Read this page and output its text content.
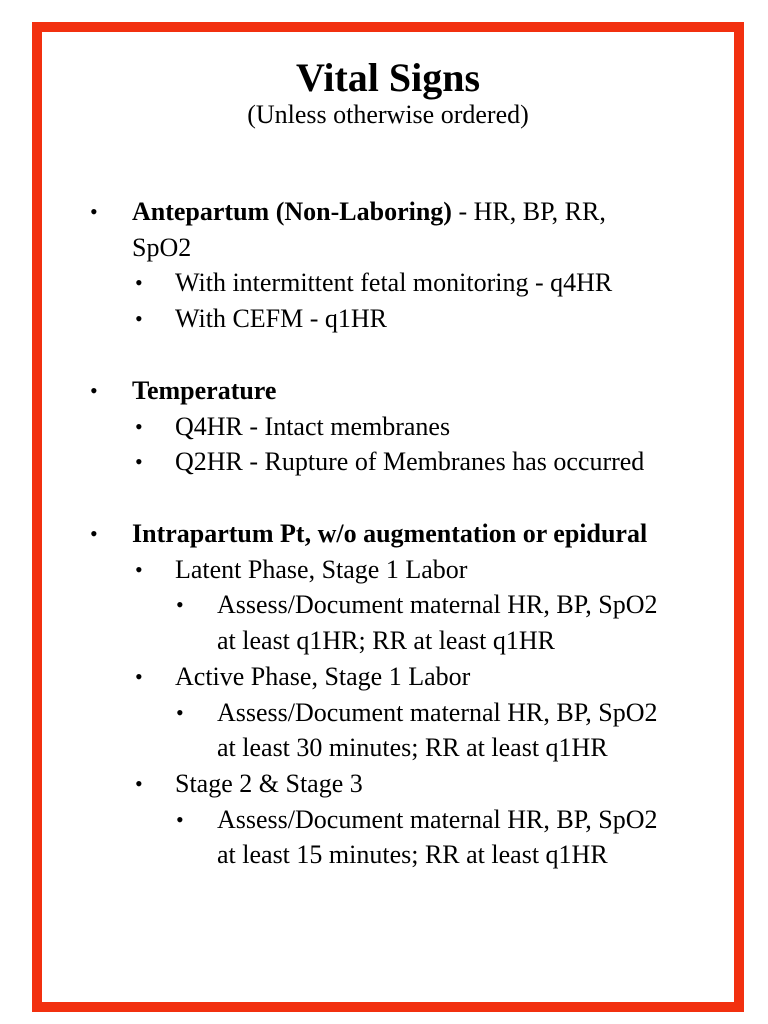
Vital Signs

(Unless otherwise ordered)

• Antepartum (Non-Laboring) - HR, BP, RR,
SpO2
• With intermittent fetal monitoring - q4HR
• With CEFM - q1HR
• Temperature
• Q4HR - Intact membranes
• Q2HR - Rupture of Membranes has occurred
• Intrapartum Pt, w/o augmentation or epidural
• Latent Phase, Stage 1 Labor
• Assess/Document maternal HR, BP, SpO2
at least q1HR; RR at least q1HR
• Active Phase, Stage 1 Labor
• Assess/Document maternal HR, BP, SpO2
at least 30 minutes; RR at least q1HR
• Stage 2 & Stage 3
• Assess/Document maternal HR, BP, SpO2
at least 15 minutes; RR at least q1HR
